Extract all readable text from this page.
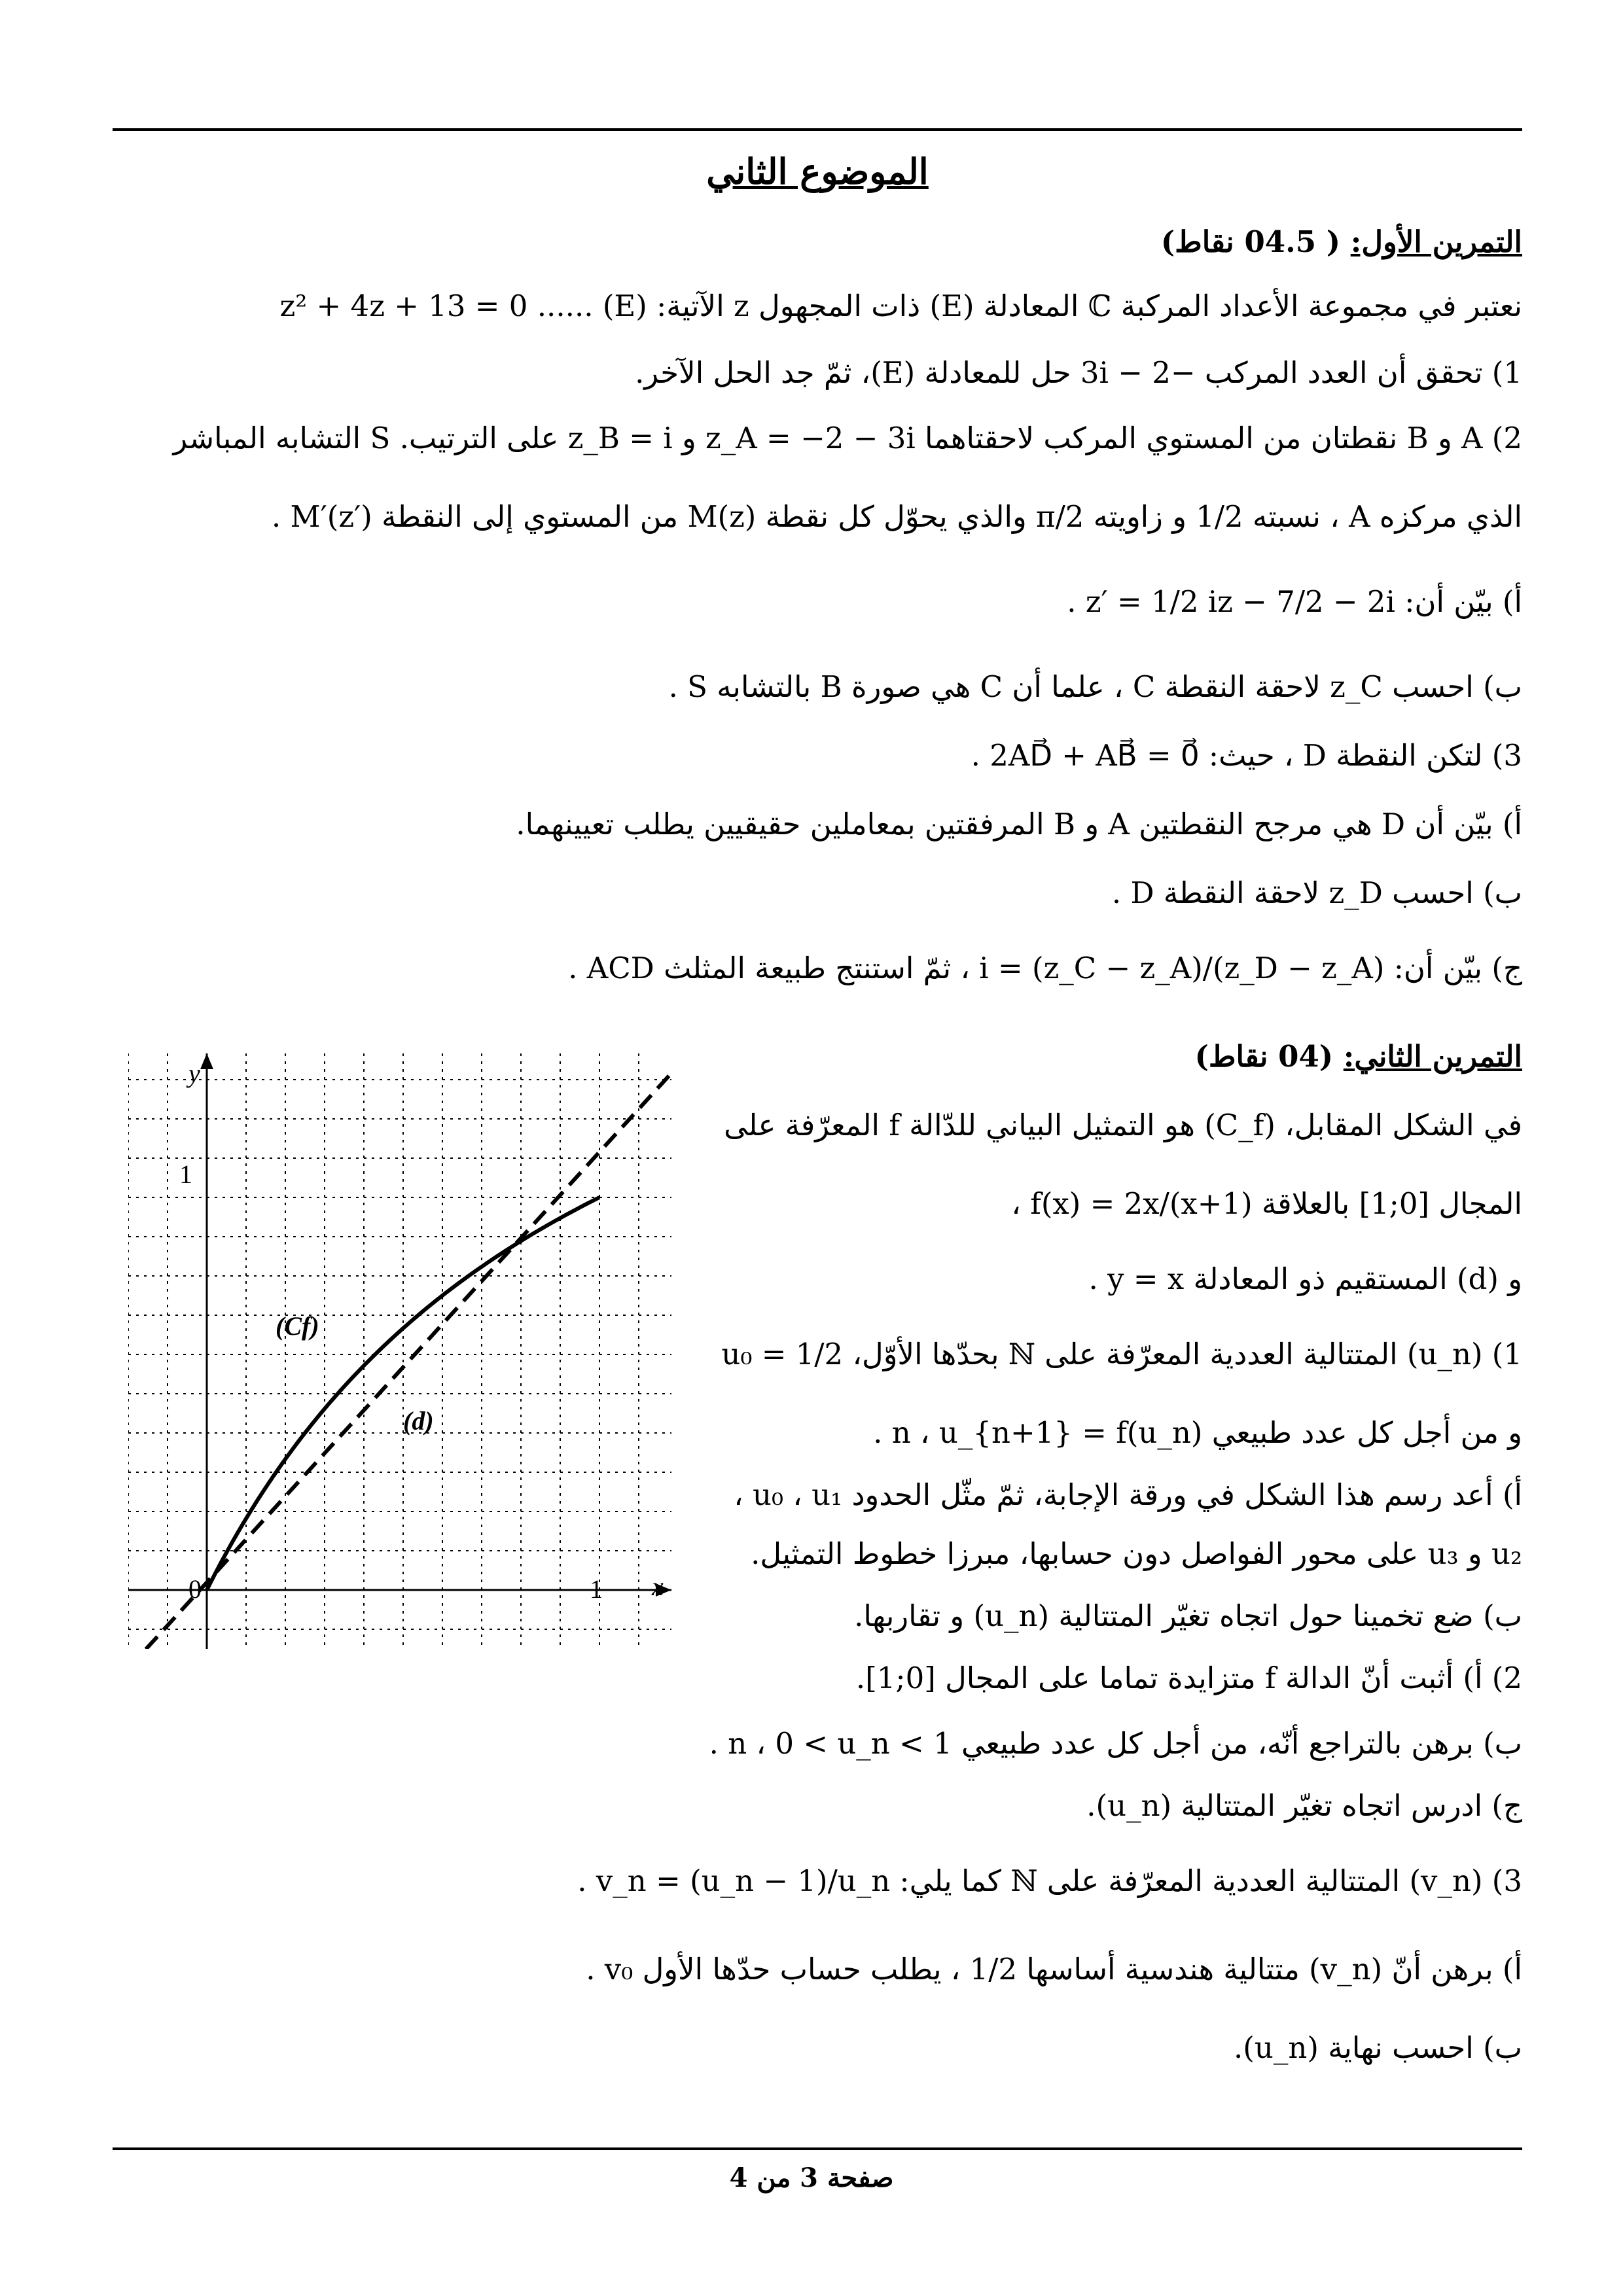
الموضوع الثاني
التمرين الأول: ( 04.5 نقاط)
نعتبر في مجموعة الأعداد المركبة ℂ المعادلة (E) ذات المجهول z الآتية: (E) ...... z² + 4z + 13 = 0
1) تحقق أن العدد المركب −2 − 3i حل للمعادلة (E)، ثمّ جد الحل الآخر.
2) A و B نقطتان من المستوي المركب لاحقتاهما z_A = −2 − 3i و z_B = i على الترتيب. S التشابه المباشر
الذي مركزه A ، نسبته 1/2 و زاويته π/2 والذي يحوّل كل نقطة M(z) من المستوي إلى النقطة M′(z′) .
أ) بيّن أن: z′ = 1/2 iz − 7/2 − 2i .
ب) احسب z_C لاحقة النقطة C ، علما أن C هي صورة B بالتشابه S .
3) لتكن النقطة D ، حيث: 2AD⃗ + AB⃗ = 0⃗ .
أ) بيّن أن D هي مرجح النقطتين A و B المرفقتين بمعاملين حقيقيين يطلب تعيينهما.
ب) احسب z_D لاحقة النقطة D .
ج) بيّن أن: (z_D − z_A)/(z_C − z_A) = i ، ثمّ استنتج طبيعة المثلث ACD .
التمرين الثاني: (04 نقاط)
في الشكل المقابل، (C_f) هو التمثيل البياني للدّالة f المعرّفة على
المجال [0;1] بالعلاقة f(x) = 2x/(x+1) ،
و (d) المستقيم ذو المعادلة y = x .
1) (u_n) المتتالية العددية المعرّفة على ℕ بحدّها الأوّل، u₀ = 1/2
و من أجل كل عدد طبيعي n ، u_{n+1} = f(u_n) .
أ) أعد رسم هذا الشكل في ورقة الإجابة، ثمّ مثّل الحدود u₀ ، u₁ ،
u₂ و u₃ على محور الفواصل دون حسابها، مبرزا خطوط التمثيل.
ب) ضع تخمينا حول اتجاه تغيّر المتتالية (u_n) و تقاربها.
2) أ) أثبت أنّ الدالة f متزايدة تماما على المجال [0;1].
ب) برهن بالتراجع أنّه، من أجل كل عدد طبيعي n ، 0 < u_n < 1 .
ج) ادرس اتجاه تغيّر المتتالية (u_n).
3) (v_n) المتتالية العددية المعرّفة على ℕ كما يلي: v_n = (u_n − 1)/u_n .
أ) برهن أنّ (v_n) متتالية هندسية أساسها 1/2 ، يطلب حساب حدّها الأول v₀ .
ب) احسب نهاية (u_n).
y
x
0	1
1
(Cf)
(d)
صفحة 3 من 4
